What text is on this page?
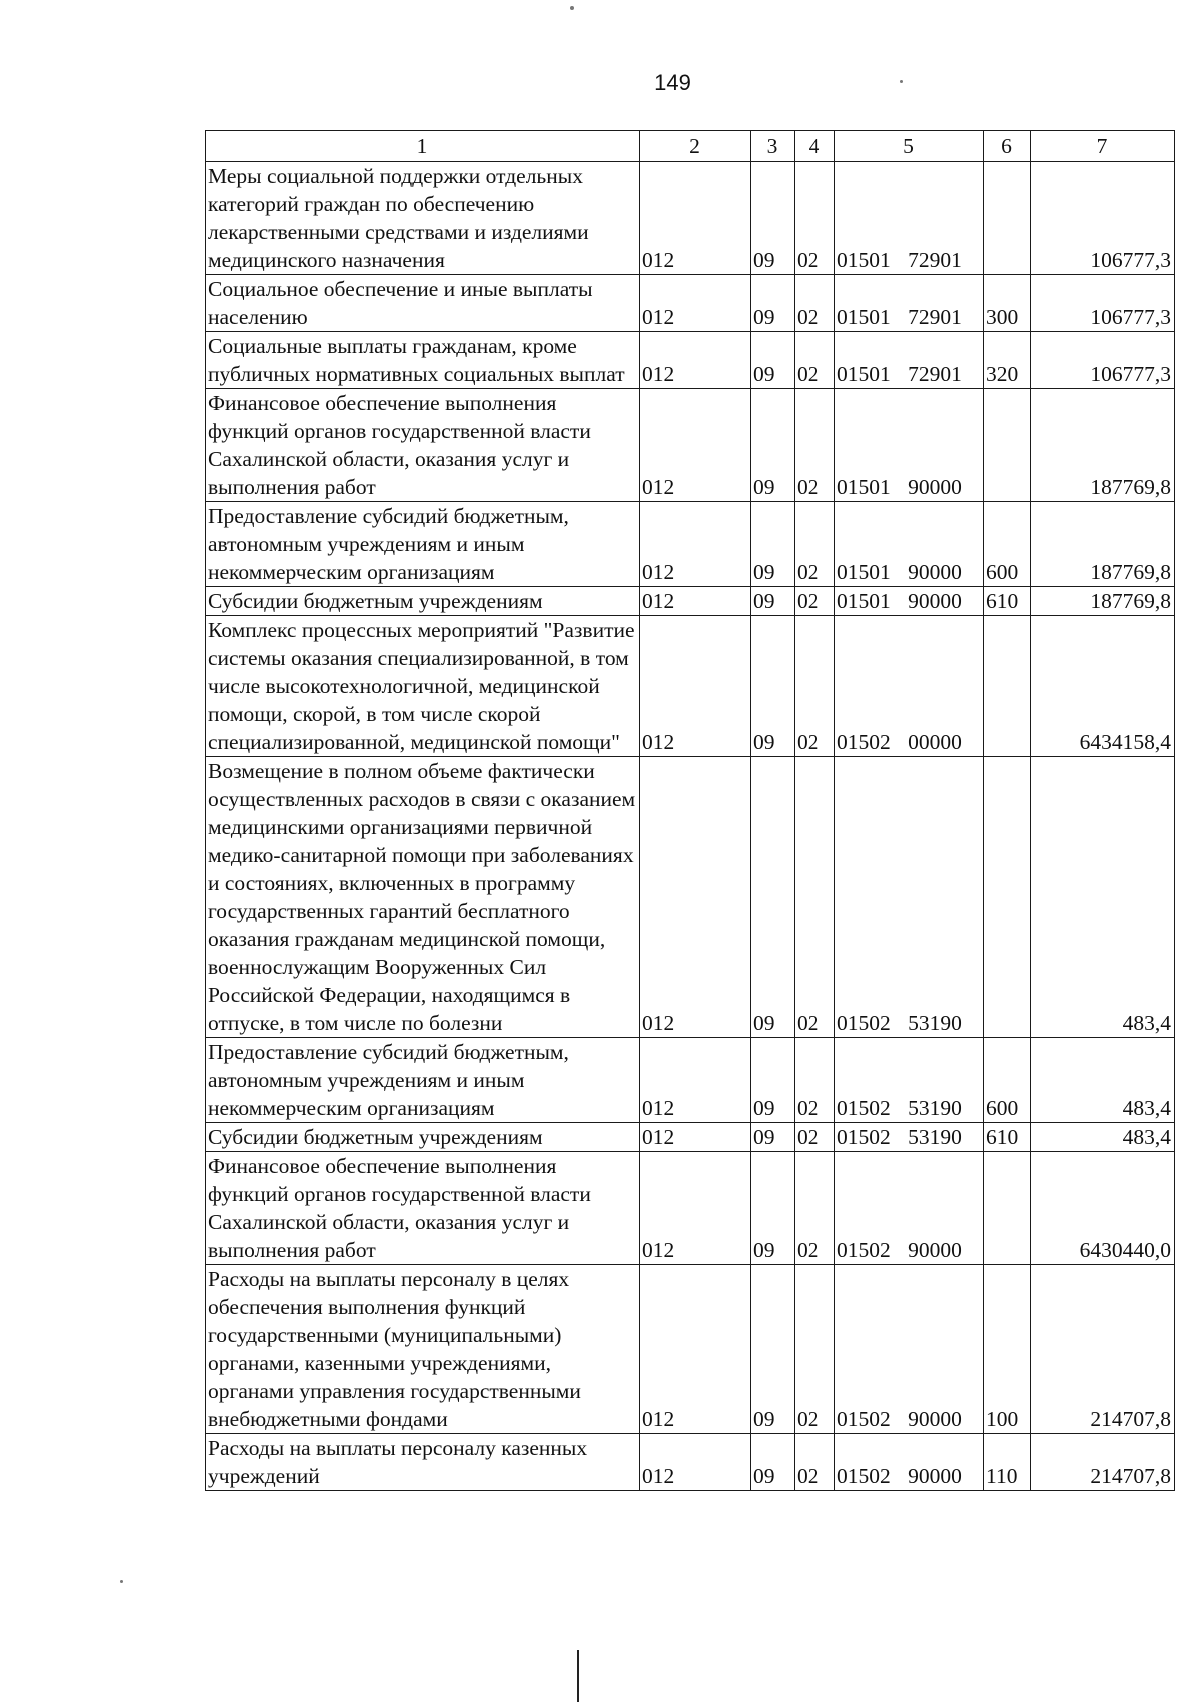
149
1	2	3	4	5	6	7
Меры социальной поддержки отдельных категорий граждан по обеспечению лекарственными средствами и изделиями медицинского назначения	012	09	02	01501 72901		106777,3
Социальное обеспечение и иные выплаты населению	012	09	02	01501 72901	300	106777,3
Социальные выплаты гражданам, кроме публичных нормативных социальных выплат	012	09	02	01501 72901	320	106777,3
Финансовое обеспечение выполнения функций органов государственной власти Сахалинской области, оказания услуг и выполнения работ	012	09	02	01501 90000		187769,8
Предоставление субсидий бюджетным, автономным учреждениям и иным некоммерческим организациям	012	09	02	01501 90000	600	187769,8
Субсидии бюджетным учреждениям	012	09	02	01501 90000	610	187769,8
Комплекс процессных мероприятий "Развитие системы оказания специализированной, в том числе высокотехнологичной, медицинской помощи, скорой, в том числе скорой специализированной, медицинской помощи"	012	09	02	01502 00000		6434158,4
Возмещение в полном объеме фактически осуществленных расходов в связи с оказанием медицинскими организациями первичной медико-санитарной помощи при заболеваниях и состояниях, включенных в программу государственных гарантий бесплатного оказания гражданам медицинской помощи, военнослужащим Вооруженных Сил Российской Федерации, находящимся в отпуске, в том числе по болезни	012	09	02	01502 53190		483,4
Предоставление субсидий бюджетным, автономным учреждениям и иным некоммерческим организациям	012	09	02	01502 53190	600	483,4
Субсидии бюджетным учреждениям	012	09	02	01502 53190	610	483,4
Финансовое обеспечение выполнения функций органов государственной власти Сахалинской области, оказания услуг и выполнения работ	012	09	02	01502 90000		6430440,0
Расходы на выплаты персоналу в целях обеспечения выполнения функций государственными (муниципальными) органами, казенными учреждениями, органами управления государственными внебюджетными фондами	012	09	02	01502 90000	100	214707,8
Расходы на выплаты персоналу казенных учреждений	012	09	02	01502 90000	110	214707,8
